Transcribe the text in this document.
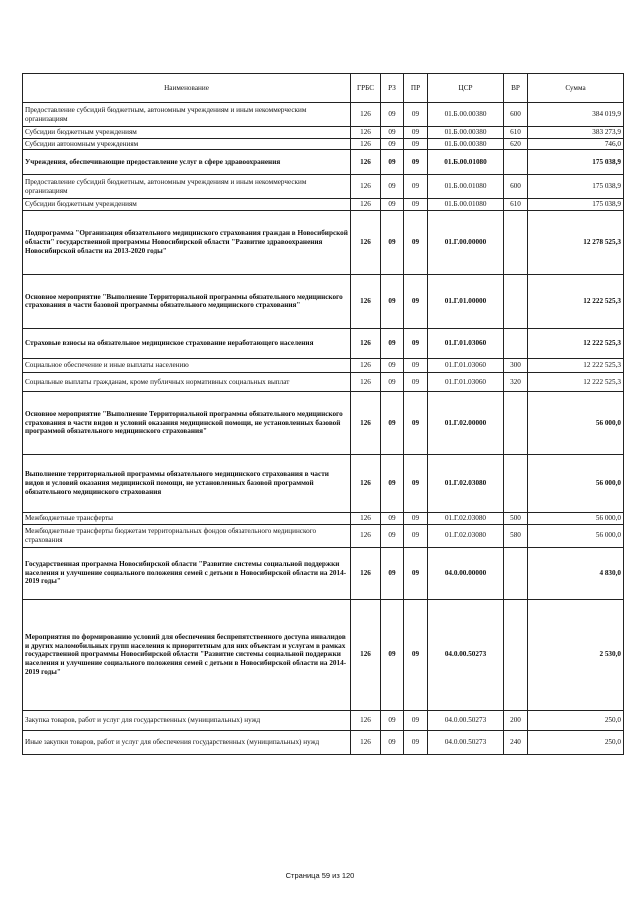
Наименование	ГРБС	РЗ	ПР	ЦСР	ВР	Сумма
Предоставление субсидий бюджетным, автономным учреждениям и иным некоммерческим организациям	126	09	09	01.Б.00.00380	600	384 019,9
Субсидии бюджетным учреждениям	126	09	09	01.Б.00.00380	610	383 273,9
Субсидии автономным учреждениям	126	09	09	01.Б.00.00380	620	746,0
Учреждения, обеспечивающие предоставление услуг в сфере здравоохранения	126	09	09	01.Б.00.01080		175 038,9
Предоставление субсидий бюджетным, автономным учреждениям и иным некоммерческим организациям	126	09	09	01.Б.00.01080	600	175 038,9
Субсидии бюджетным учреждениям	126	09	09	01.Б.00.01080	610	175 038,9
Подпрограмма "Организация обязательного медицинского страхования граждан в Новосибирской области" государственной программы Новосибирской области "Развитие здравоохранения Новосибирской области на 2013-2020 годы"	126	09	09	01.Г.00.00000		12 278 525,3
Основное мероприятие "Выполнение Территориальной программы обязательного медицинского страхования в части базовой программы обязательного медицинского страхования"	126	09	09	01.Г.01.00000		12 222 525,3
Страховые взносы на обязательное медицинское страхование неработающего населения	126	09	09	01.Г.01.03060		12 222 525,3
Социальное обеспечение и иные выплаты населению	126	09	09	01.Г.01.03060	300	12 222 525,3
Социальные выплаты гражданам, кроме публичных нормативных социальных выплат	126	09	09	01.Г.01.03060	320	12 222 525,3
Основное мероприятие "Выполнение Территориальной программы обязательного медицинского страхования в части видов и условий оказания медицинской помощи, не установленных базовой программой обязательного медицинского страхования"	126	09	09	01.Г.02.00000		56 000,0
Выполнение территориальной программы обязательного медицинского страхования в части видов и условий оказания медицинской помощи, не установленных базовой программой обязательного медицинского страхования	126	09	09	01.Г.02.03080		56 000,0
Межбюджетные трансферты	126	09	09	01.Г.02.03080	500	56 000,0
Межбюджетные трансферты бюджетам территориальных фондов обязательного медицинского страхования	126	09	09	01.Г.02.03080	580	56 000,0
Государственная программа Новосибирской области "Развитие системы социальной поддержки населения и улучшение социального положения семей с детьми в Новосибирской области на 2014-2019 годы"	126	09	09	04.0.00.00000		4 830,0
Мероприятия по формированию условий для обеспечения беспрепятственного доступа инвалидов и других маломобильных групп населения к приоритетным для них объектам и услугам в рамках государственной программы Новосибирской области "Развитие системы социальной поддержки населения и улучшение социального положения семей с детьми в Новосибирской области на 2014-2019 годы"	126	09	09	04.0.00.50273		2 530,0
Закупка товаров, работ и услуг для государственных (муниципальных) нужд	126	09	09	04.0.00.50273	200	250,0
Иные закупки товаров, работ и услуг для обеспечения государственных (муниципальных) нужд	126	09	09	04.0.00.50273	240	250,0
Страница 59 из 120
